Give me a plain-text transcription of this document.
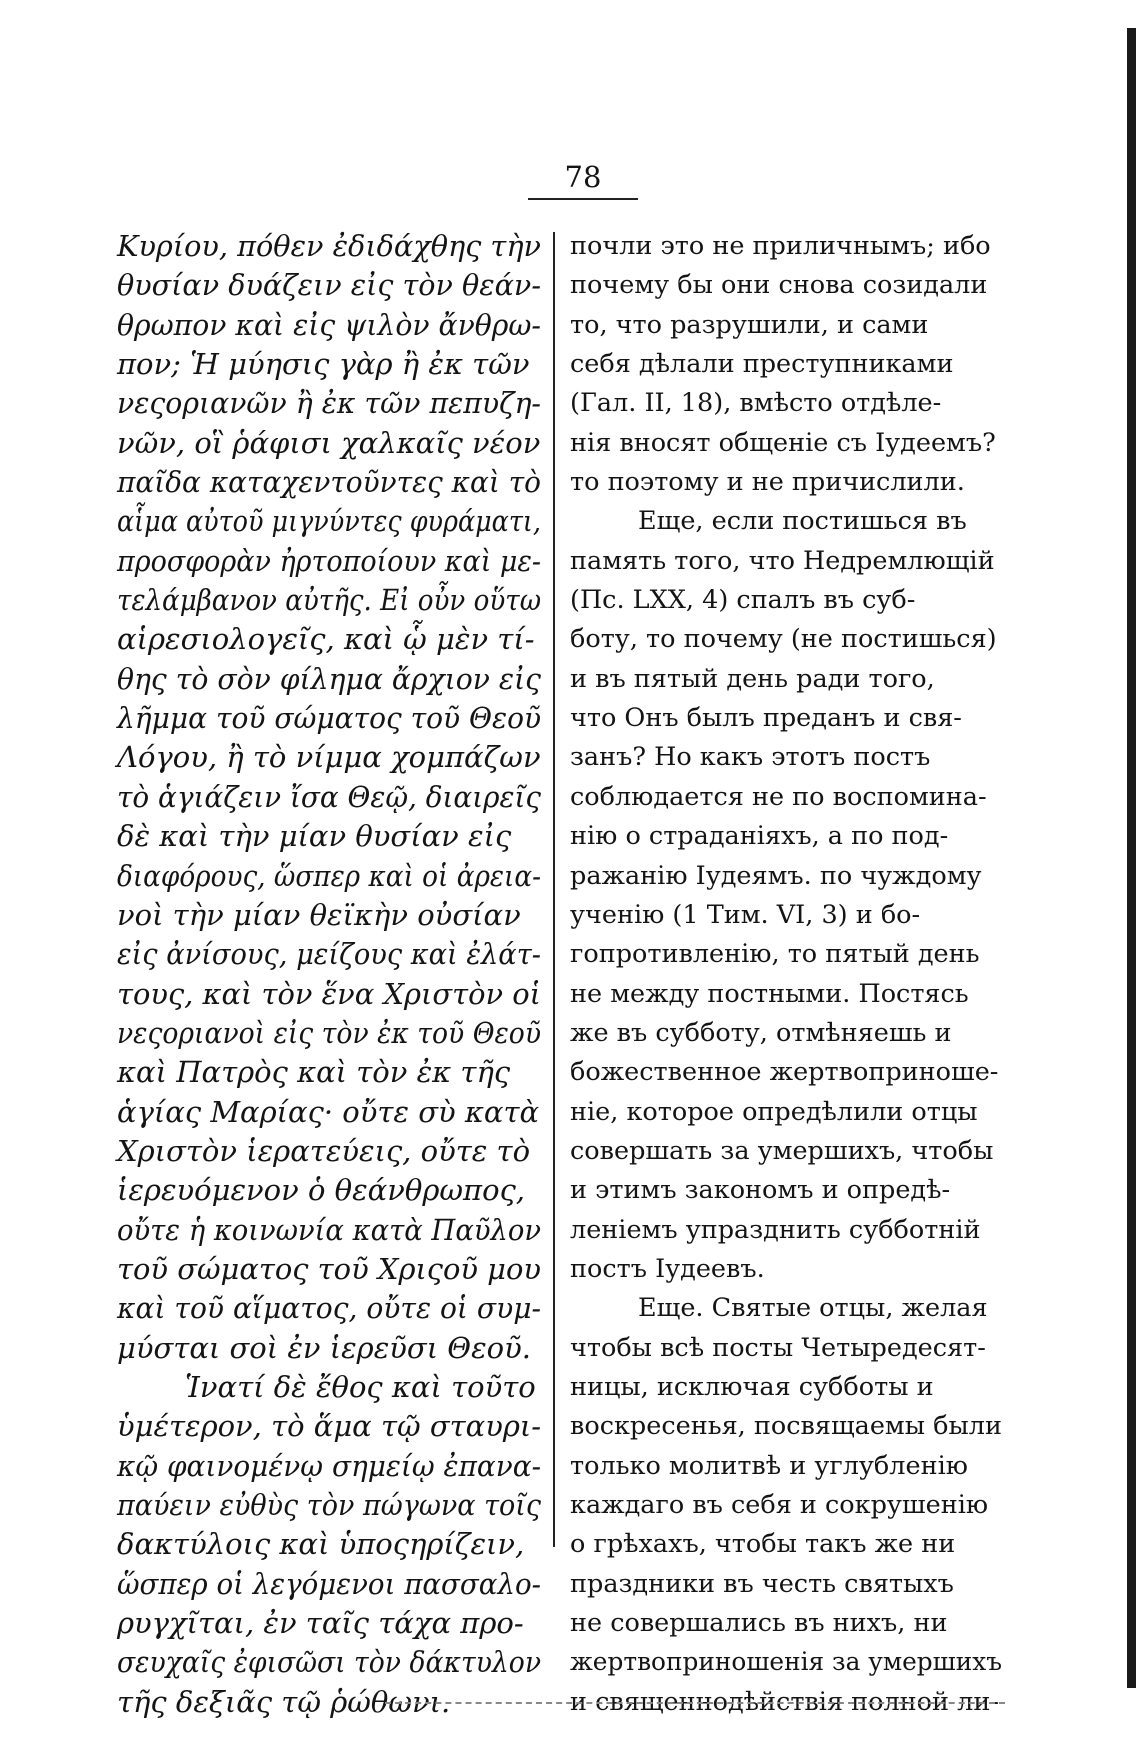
78
Κυρίου, πόθεν ἐδιδάχθης τὴν
θυσίαν δυάζειν εἰς τὸν θεάν-
θρωπον καὶ εἰς ψιλὸν ἄνθρω-
πον; Ἡ μύησις γὰρ ἢ ἐκ τῶν
νεςοριανῶν ἢ ἐκ τῶν πεπυζη-
νῶν, οἳ ῥάφισι χαλκαῖς νέον
παῖδα καταχεντοῦντες καὶ τὸ
αἷμα αὐτοῦ μιγνύντες φυράματι,
προσφορὰν ἠρτοποίουν καὶ με-
τελάμβανον αὐτῆς. Εἰ οὖν οὕτω
αἱρεσιολογεῖς, καὶ ᾧ μὲν τί-
θης τὸ σὸν φίλημα ἄρχιον εἰς
λῆμμα τοῦ σώματος τοῦ Θεοῦ
Λόγου, ἢ τὸ νίμμα χομπάζων
τὸ ἁγιάζειν ἴσα Θεῷ, διαιρεῖς
δὲ καὶ τὴν μίαν θυσίαν εἰς
διαφόρους, ὥσπερ καὶ οἱ ἀρεια-
νοὶ τὴν μίαν θεϊκὴν οὐσίαν
εἰς ἀνίσους, μείζους καὶ ἐλάτ-
τους, καὶ τὸν ἕνα Χριστὸν οἱ
νεςοριανοὶ εἰς τὸν ἐκ τοῦ Θεοῦ
καὶ Πατρὸς καὶ τὸν ἐκ τῆς
ἁγίας Μαρίας· οὔτε σὺ κατὰ
Χριστὸν ἱερατεύεις, οὔτε τὸ
ἱερευόμενον ὁ θεάνθρωπος,
οὔτε ἡ κοινωνία κατὰ Παῦλον
τοῦ σώματος τοῦ Χριςοῦ μου
καὶ τοῦ αἵματος, οὔτε οἱ συμ-
μύσται σοὶ ἐν ἱερεῦσι Θεοῦ.
Ἱνατί δὲ ἔθος καὶ τοῦτο
ὑμέτερον, τὸ ἅμα τῷ σταυρι-
κῷ φαινομένῳ σημείῳ ἐπανα-
παύειν εὐθὺς τὸν πώγωνα τοῖς
δακτύλοις καὶ ὑποςηρίζειν,
ὥσπερ οἱ λεγόμενοι πασσαλο-
ρυγχῖται, ἐν ταῖς τάχα προ-
σευχαῖς ἐφισῶσι τὸν δάκτυλον
τῆς δεξιᾶς τῷ ῥώθωνι.
почли это не приличнымъ; ибо
почему бы они снова созидали
то, что разрушили, и сами
себя дѣлали преступниками
(Гал. II, 18), вмѣсто отдѣле-
нія вносят общеніе съ Іудеемъ?
то поэтому и не причислили.
Еще, если постишься въ
память того, что Недремлющій
(Пс. LXX, 4) спалъ въ суб-
боту, то почему (не постишься)
и въ пятый день ради того,
что Онъ былъ преданъ и свя-
занъ? Но какъ этотъ постъ
соблюдается не по воспомина-
нію о страданіяхъ, а по под-
ражанію Іудеямъ. по чуждому
ученію (1 Тим. VI, 3) и бо-
гопротивленію, то пятый день
не между постными. Постясь
же въ субботу, отмѣняешь и
божественное жертвоприноше-
ніе, которое опредѣлили отцы
совершать за умершихъ, чтобы
и этимъ закономъ и опредѣ-
леніемъ упразднить субботній
постъ Іудеевъ.
Еще. Святые отцы, желая
чтобы всѣ посты Четыредесят-
ницы, исключая субботы и
воскресенья, посвящаемы были
только молитвѣ и углубленію
каждаго въ себя и сокрушенію
о грѣхахъ, чтобы такъ же ни
праздники въ честь святыхъ
не совершались въ нихъ, ни
жертвоприношенія за умершихъ
и священнодѣйствія полной ли-
